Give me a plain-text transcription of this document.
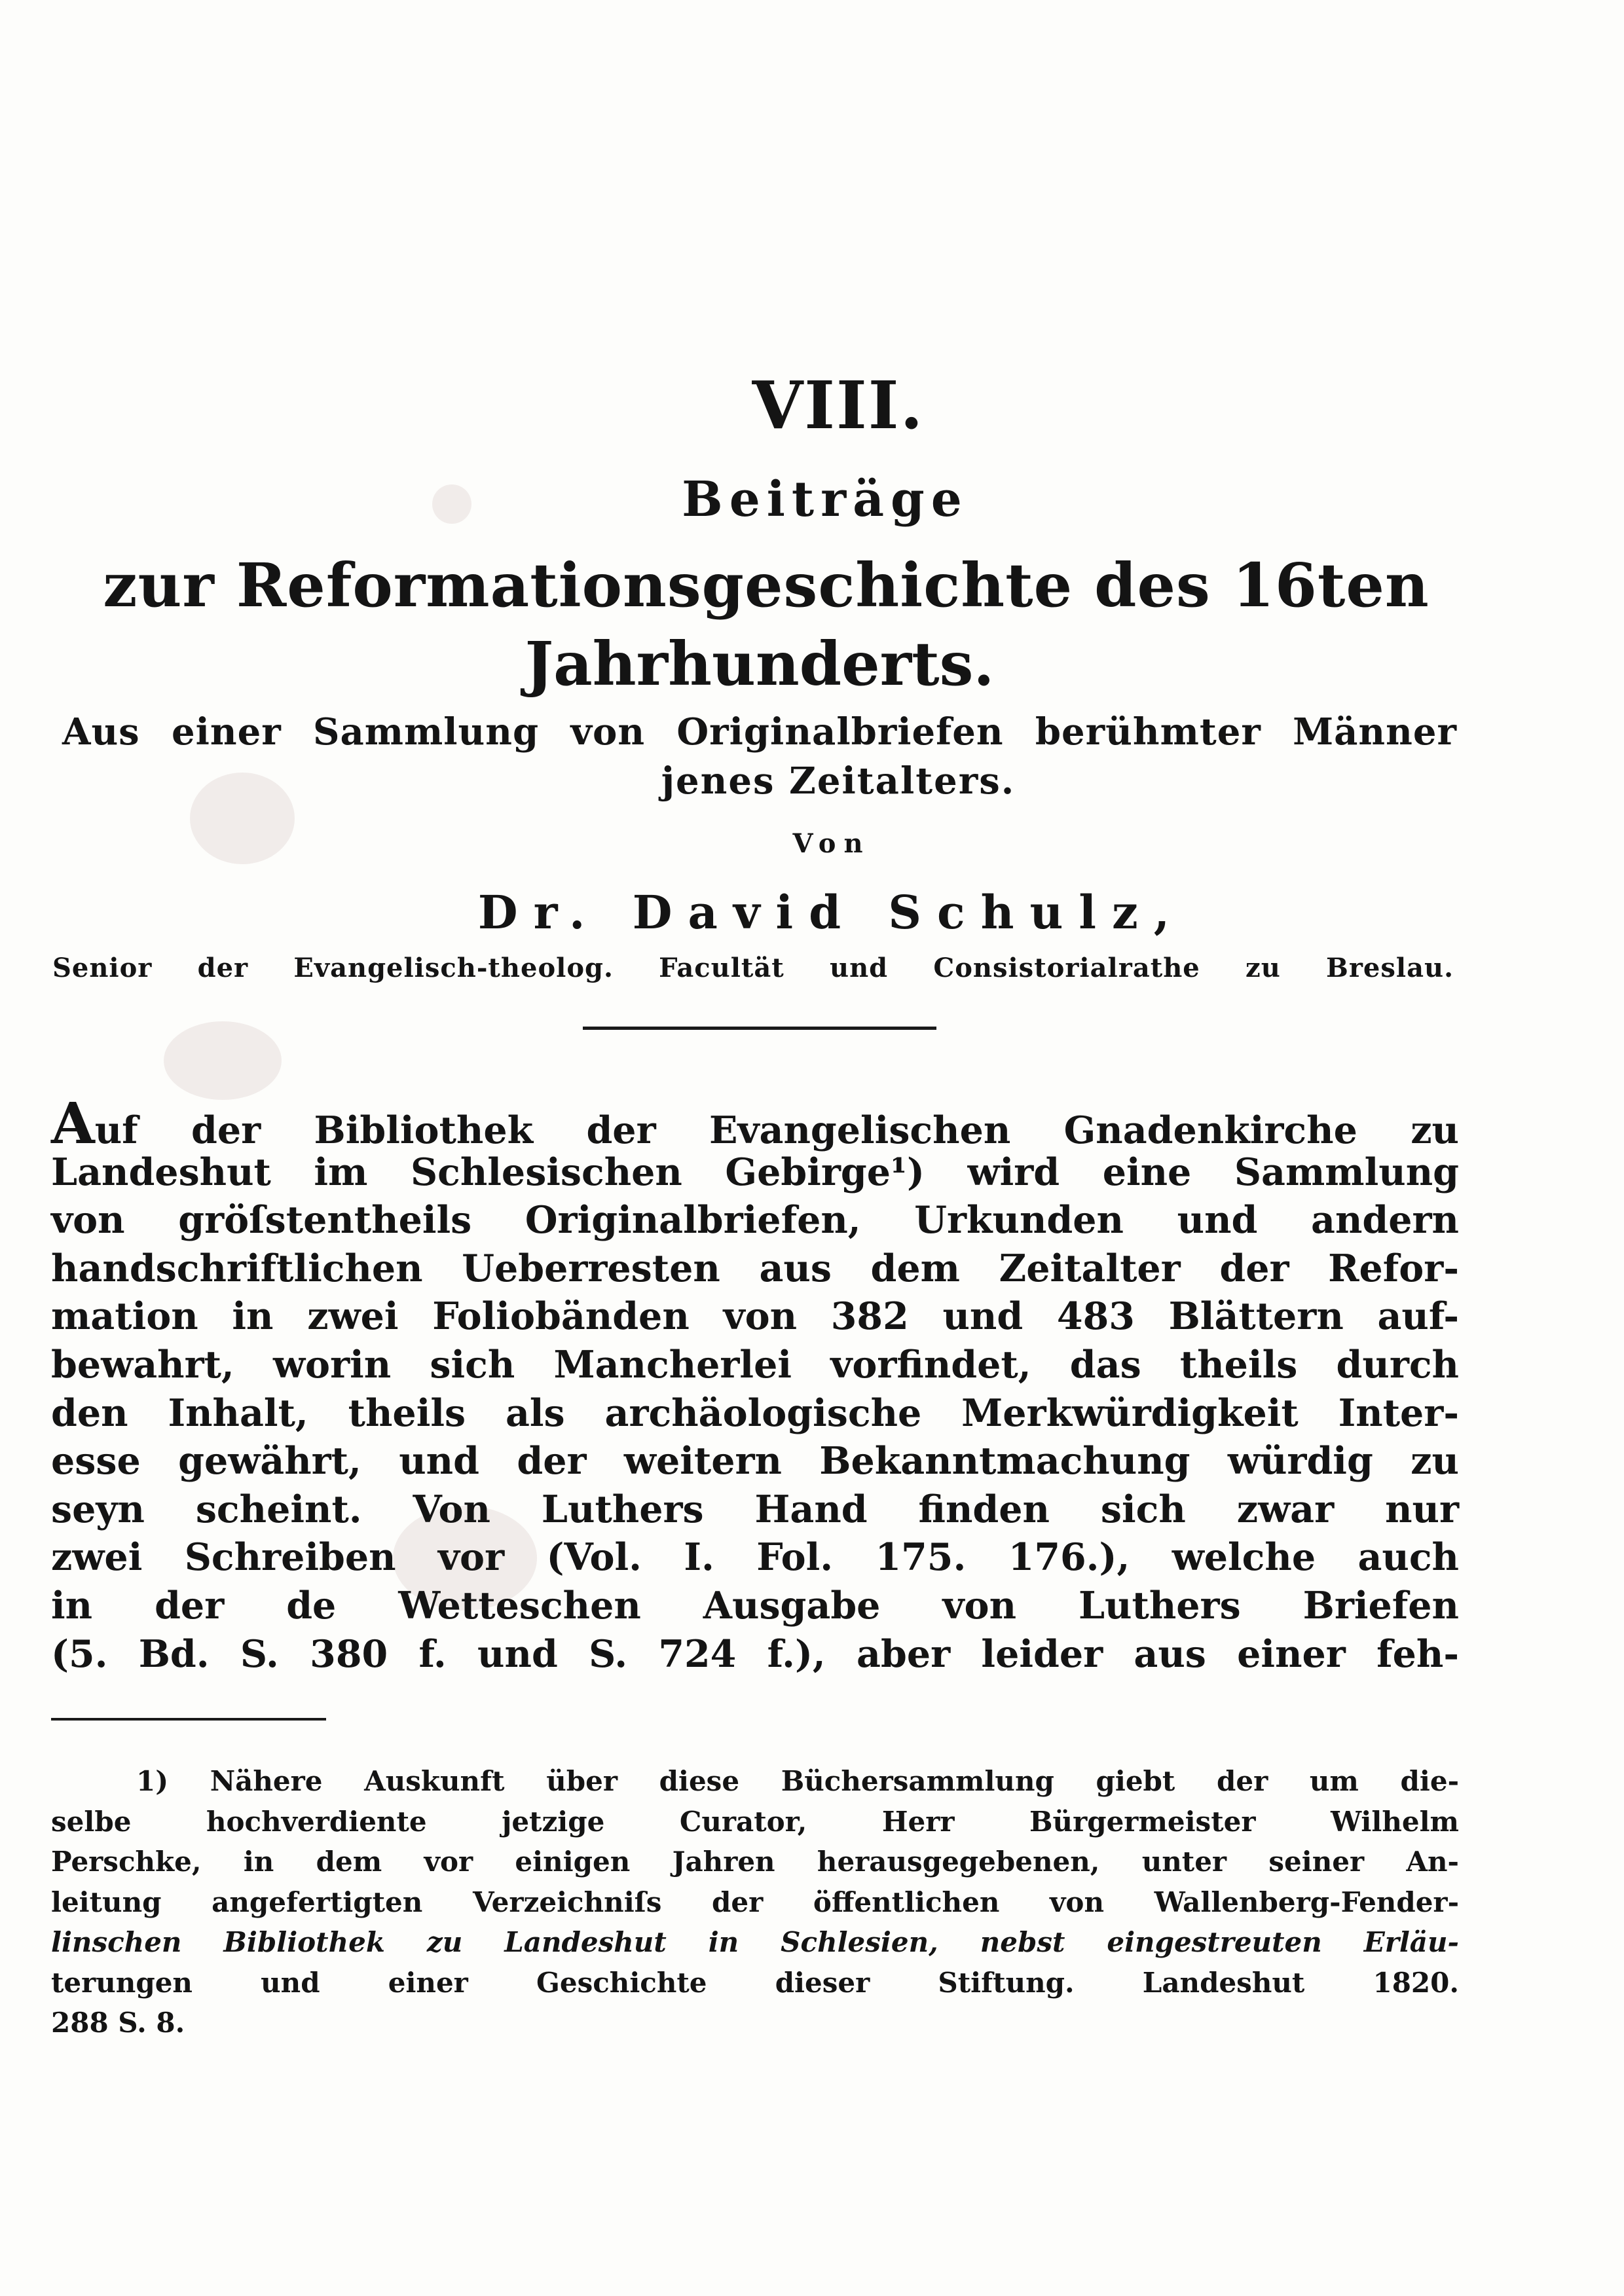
VIII.
Beiträge
zur Reformationsgeschichte des 16ten
Jahrhunderts.
Aus einer Sammlung von Originalbriefen berühmter Männer
jenes Zeitalters.
Von
Dr. David Schulz,
Senior der Evangelisch-theolog. Facultät und Consistorialrathe zu Breslau.
Auf der Bibliothek der Evangelischen Gnadenkirche zu
Landeshut im Schlesischen Gebirge¹) wird eine Sammlung
von gröſstentheils Originalbriefen, Urkunden und andern
handschriftlichen Ueberresten aus dem Zeitalter der Refor-
mation in zwei Foliobänden von 382 und 483 Blättern auf-
bewahrt, worin sich Mancherlei vorfindet, das theils durch
den Inhalt, theils als archäologische Merkwürdigkeit Inter-
esse gewährt, und der weitern Bekanntmachung würdig zu
seyn scheint. Von Luthers Hand finden sich zwar nur
zwei Schreiben vor (Vol. I. Fol. 175. 176.), welche auch
in der de Wetteschen Ausgabe von Luthers Briefen
(5. Bd. S. 380 f. und S. 724 f.), aber leider aus einer feh-
1) Nähere Auskunft über diese Büchersammlung giebt der um die-
selbe hochverdiente jetzige Curator, Herr Bürgermeister Wilhelm
Perschke, in dem vor einigen Jahren herausgegebenen, unter seiner An-
leitung angefertigten Verzeichniſs der öffentlichen von Wallenberg-Fender-
linschen Bibliothek zu Landeshut in Schlesien, nebst eingestreuten Erläu-
terungen und einer Geschichte dieser Stiftung. Landeshut 1820.
288 S. 8.
